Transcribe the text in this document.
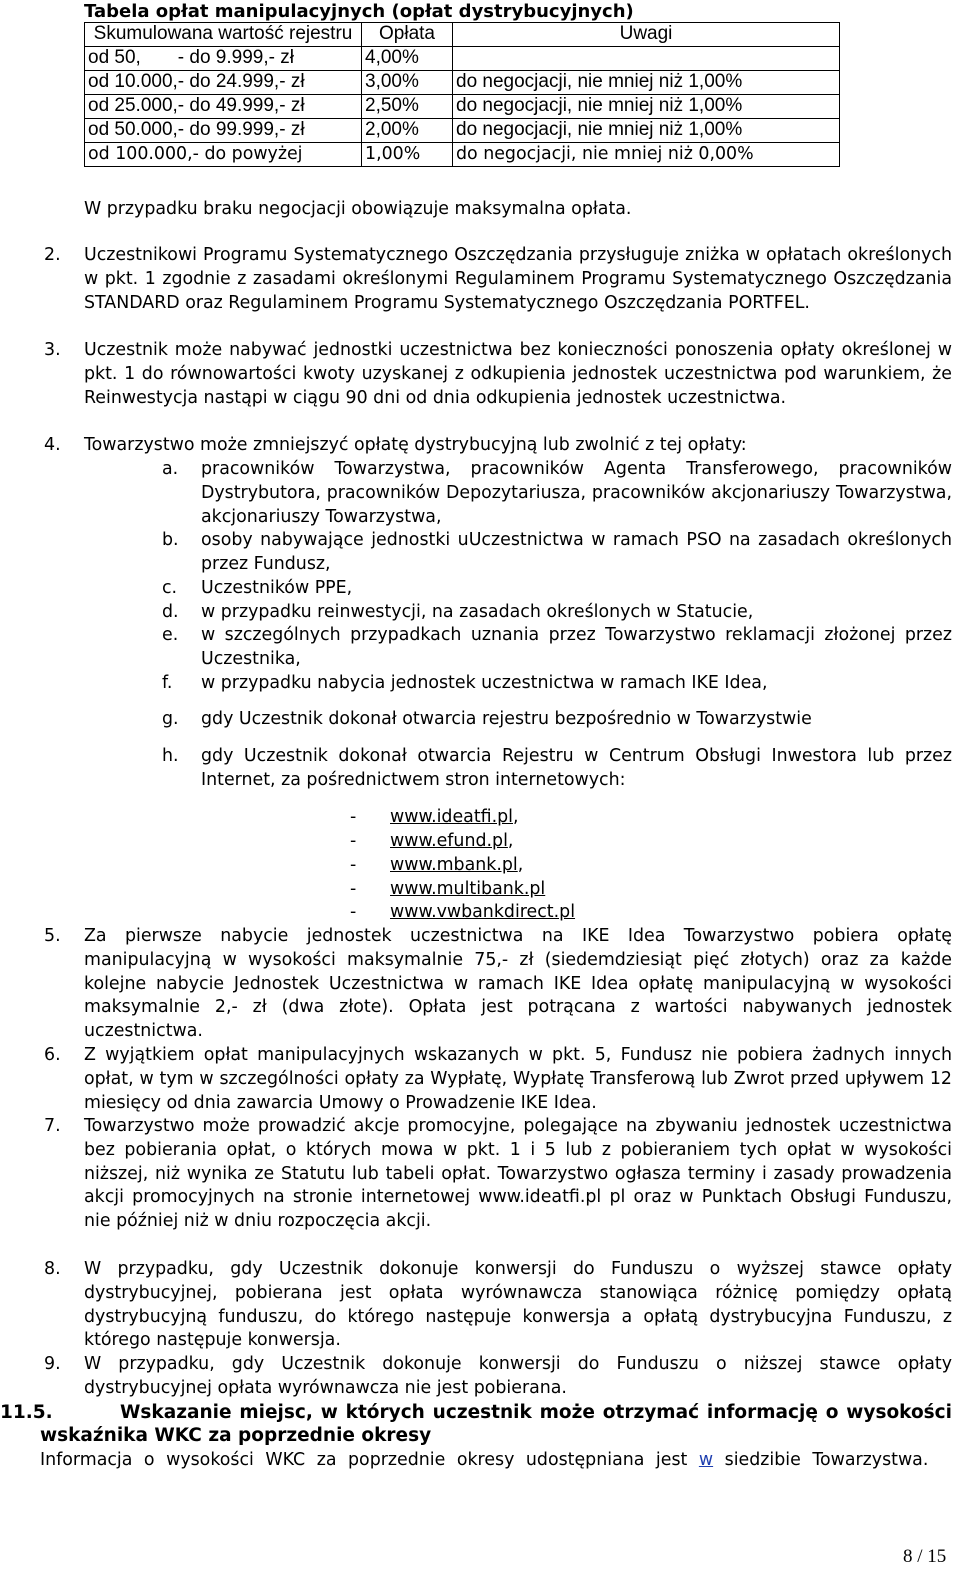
Tabela opłat manipulacyjnych (opłat dystrybucyjnych)
Skumulowana wartość rejestru	Opłata	Uwagi
od 50,       - do 9.999,- zł	4,00%	
od 10.000,- do 24.999,- zł	3,00%	do negocjacji, nie mniej niż 1,00%
od 25.000,- do 49.999,- zł	2,50%	do negocjacji, nie mniej niż 1,00%
od 50.000,- do 99.999,- zł	2,00%	do negocjacji, nie mniej niż 1,00%
od 100.000,- do powyżej	1,00%	do negocjacji, nie mniej niż 0,00%
W przypadku braku negocjacji obowiązuje maksymalna opłata.
2. Uczestnikowi Programu Systematycznego Oszczędzania przysługuje zniżka w opłatach określonych w pkt. 1 zgodnie z zasadami określonymi Regulaminem Programu Systematycznego Oszczędzania STANDARD oraz Regulaminem Programu Systematycznego Oszczędzania PORTFEL.
3. Uczestnik może nabywać jednostki uczestnictwa bez konieczności ponoszenia opłaty określonej w pkt. 1 do równowartości kwoty uzyskanej z odkupienia jednostek uczestnictwa pod warunkiem, że Reinwestycja nastąpi w ciągu 90 dni od dnia odkupienia jednostek uczestnictwa.
4. Towarzystwo może zmniejszyć opłatę dystrybucyjną lub zwolnić z tej opłaty:
a. pracowników Towarzystwa, pracowników Agenta Transferowego, pracowników Dystrybutora, pracowników Depozytariusza, pracowników akcjonariuszy Towarzystwa, akcjonariuszy Towarzystwa,
b. osoby nabywające jednostki uUczestnictwa w ramach PSO na zasadach określonych przez Fundusz,
c. Uczestników PPE,
d. w przypadku reinwestycji, na zasadach określonych w Statucie,
e. w szczególnych przypadkach uznania przez Towarzystwo reklamacji złożonej przez Uczestnika,
f. w przypadku nabycia jednostek uczestnictwa w ramach IKE Idea,
g. gdy Uczestnik dokonał otwarcia rejestru bezpośrednio w Towarzystwie
h. gdy Uczestnik dokonał otwarcia Rejestru w Centrum Obsługi Inwestora lub przez Internet, za pośrednictwem stron internetowych:
- www.ideatfi.pl,
- www.efund.pl,
- www.mbank.pl,
- www.multibank.pl
- www.vwbankdirect.pl
5. Za pierwsze nabycie jednostek uczestnictwa na IKE Idea Towarzystwo pobiera opłatę manipulacyjną w wysokości maksymalnie 75,- zł (siedemdziesiąt pięć złotych) oraz za każde kolejne nabycie Jednostek Uczestnictwa w ramach IKE Idea opłatę manipulacyjną w wysokości maksymalnie 2,- zł (dwa złote). Opłata jest potrącana z wartości nabywanych jednostek uczestnictwa.
6. Z wyjątkiem opłat manipulacyjnych wskazanych w pkt. 5, Fundusz nie pobiera żadnych innych opłat, w tym w szczególności opłaty za Wypłatę, Wypłatę Transferową lub Zwrot przed upływem 12 miesięcy od dnia zawarcia Umowy o Prowadzenie IKE Idea.
7. Towarzystwo może prowadzić akcje promocyjne, polegające na zbywaniu jednostek uczestnictwa bez pobierania opłat, o których mowa w pkt. 1 i 5 lub z pobieraniem tych opłat w wysokości niższej, niż wynika ze Statutu lub tabeli opłat. Towarzystwo ogłasza terminy i zasady prowadzenia akcji promocyjnych na stronie internetowej www.ideatfi.pl pl oraz w Punktach Obsługi Funduszu, nie później niż w dniu rozpoczęcia akcji.
8. W przypadku, gdy Uczestnik dokonuje konwersji do Funduszu o wyższej stawce opłaty dystrybucyjnej, pobierana jest opłata wyrównawcza stanowiąca różnicę pomiędzy opłatą dystrybucyjną funduszu, do którego następuje konwersja a opłatą dystrybucyjna Funduszu, z którego następuje konwersja.
9. W przypadku, gdy Uczestnik dokonuje konwersji do Funduszu o niższej stawce opłaty dystrybucyjnej opłata wyrównawcza nie jest pobierana.
11.5.	Wskazanie miejsc, w których uczestnik może otrzymać informację o wysokości wskaźnika WKC za poprzednie okresy
Informacja o wysokości WKC za poprzednie okresy udostępniana jest w siedzibie Towarzystwa.
8 / 15
